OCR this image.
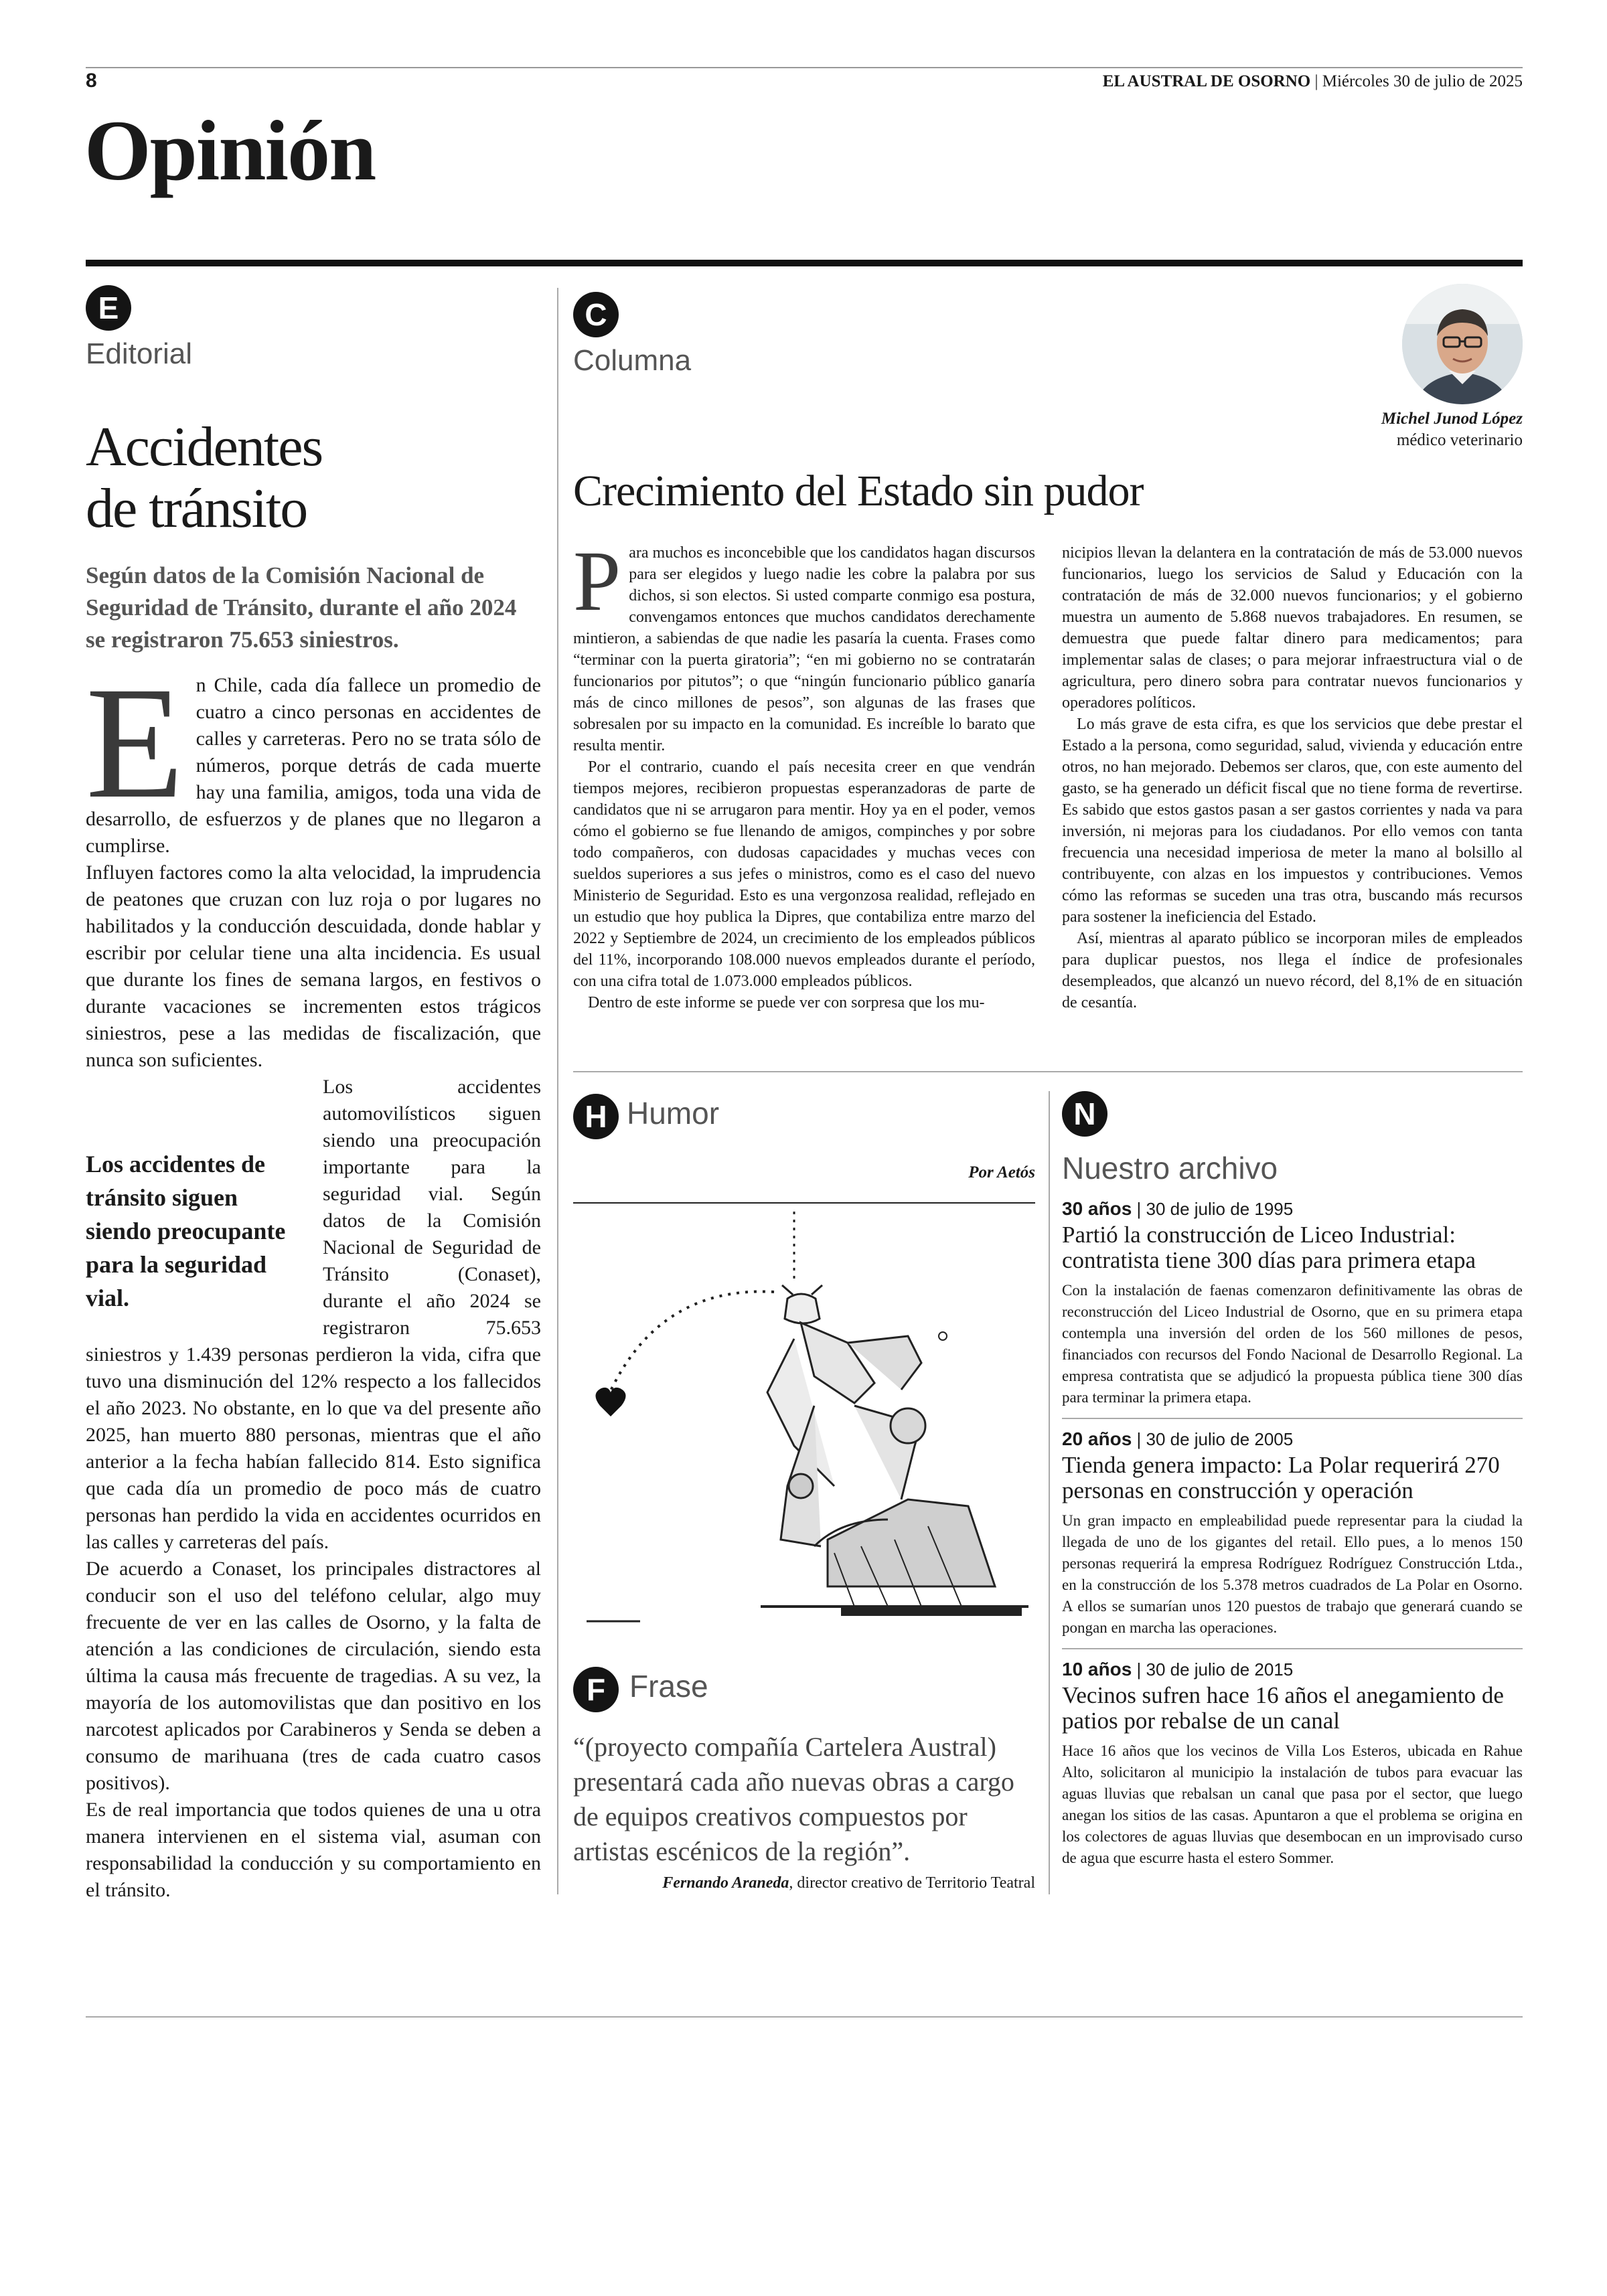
8	EL AUSTRAL DE OSORNO | Miércoles 30 de julio de 2025
Opinión
E
Editorial
Accidentes
de tránsito
Según datos de la Comisión Nacional de Seguridad de Tránsito, durante el año 2024 se registraron 75.653 siniestros.

En Chile, cada día fallece un promedio de cuatro a cinco personas en accidentes de calles y carreteras. Pero no se trata sólo de números, porque detrás de cada muerte hay una familia, amigos, toda una vida de desarrollo, de esfuerzos y de planes que no llegaron a cumplirse.

Influyen factores como la alta velocidad, la imprudencia de peatones que cruzan con luz roja o por lugares no habilitados y la conducción descuidada, donde hablar y escribir por celular tiene una alta incidencia. Es usual que durante los fines de semana largos, en festivos o durante vacaciones se incrementen estos trágicos siniestros, pese a las medidas de fiscalización, que nunca son suficientes.

Los accidentes de tránsito siguen siendo preocupante para la seguridad vial.
Los accidentes automovilísticos siguen siendo una preocupación importante para la seguridad vial. Según datos de la Comisión Nacional de Seguridad de Tránsito (Conaset), durante el año 2024 se registraron 75.653 siniestros y 1.439 personas perdieron la vida, cifra que tuvo una disminución del 12% respecto a los fallecidos el año 2023. No obstante, en lo que va del presente año 2025, han muerto 880 personas, mientras que el año anterior a la fecha habían fallecido 814. Esto significa que cada día un promedio de poco más de cuatro personas han perdido la vida en accidentes ocurridos en las calles y carreteras del país.

De acuerdo a Conaset, los principales distractores al conducir son el uso del teléfono celular, algo muy frecuente de ver en las calles de Osorno, y la falta de atención a las condiciones de circulación, siendo esta última la causa más frecuente de tragedias. A su vez, la mayoría de los automovilistas que dan positivo en los narcotest aplicados por Carabineros y Senda se deben a consumo de marihuana (tres de cada cuatro casos positivos).

Es de real importancia que todos quienes de una u otra manera intervienen en el sistema vial, asuman con responsabilidad la conducción y su comportamiento en el tránsito.

C
Columna
Michel Junod López
médico veterinario
Crecimiento del Estado sin pudor

Para muchos es inconcebible que los candidatos hagan discursos para ser elegidos y luego nadie les cobre la palabra por sus dichos, si son electos. Si usted comparte conmigo esa postura, convengamos entonces que muchos candidatos derechamente mintieron, a sabiendas de que nadie les pasaría la cuenta. Frases como “terminar con la puerta giratoria”; “en mi gobierno no se contratarán funcionarios por pitutos”; o que “ningún funcionario público ganaría más de cinco millones de pesos”, son algunas de las frases que sobresalen por su impacto en la comunidad. Es increíble lo barato que resulta mentir.

Por el contrario, cuando el país necesita creer en que vendrán tiempos mejores, recibieron propuestas esperanzadoras de parte de candidatos que ni se arrugaron para mentir. Hoy ya en el poder, vemos cómo el gobierno se fue llenando de amigos, compinches y por sobre todo compañeros, con dudosas capacidades y muchas veces con sueldos superiores a sus jefes o ministros, como es el caso del nuevo Ministerio de Seguridad. Esto es una vergonzosa realidad, reflejado en un estudio que hoy publica la Dipres, que contabiliza entre marzo del 2022 y Septiembre de 2024, un crecimiento de los empleados públicos del 11%, incorporando 108.000 nuevos empleados durante el período, con una cifra total de 1.073.000 empleados públicos.

Dentro de este informe se puede ver con sorpresa que los mu-

nicipios llevan la delantera en la contratación de más de 53.000 nuevos funcionarios, luego los servicios de Salud y Educación con la contratación de más de 32.000 nuevos funcionarios; y el gobierno muestra un aumento de 5.868 nuevos trabajadores. En resumen, se demuestra que puede faltar dinero para medicamentos; para implementar salas de clases; o para mejorar infraestructura vial o de agricultura, pero dinero sobra para contratar nuevos funcionarios y operadores políticos.

Lo más grave de esta cifra, es que los servicios que debe prestar el Estado a la persona, como seguridad, salud, vivienda y educación entre otros, no han mejorado. Debemos ser claros, que, con este aumento del gasto, se ha generado un déficit fiscal que no tiene forma de revertirse. Es sabido que estos gastos pasan a ser gastos corrientes y nada va para inversión, ni mejoras para los ciudadanos. Por ello vemos con tanta frecuencia una necesidad imperiosa de meter la mano al bolsillo al contribuyente, con alzas en los impuestos y contribuciones. Vemos cómo las reformas se suceden una tras otra, buscando más recursos para sostener la ineficiencia del Estado.

Así, mientras al aparato público se incorporan miles de empleados para duplicar puestos, nos llega el índice de profesionales desempleados, que alcanzó un nuevo récord, del 8,1% de en situación de cesantía.

H Humor
Por Aetós
F Frase
“(proyecto compañía Cartelera Austral) presentará cada año nuevas obras a cargo de equipos creativos compuestos por artistas escénicos de la región”.
Fernando Araneda, director creativo de Territorio Teatral
N
Nuestro archivo
30 años | 30 de julio de 1995
Partió la construcción de Liceo Industrial: contratista tiene 300 días para primera etapa
Con la instalación de faenas comenzaron definitivamente las obras de reconstrucción del Liceo Industrial de Osorno, que en su primera etapa contempla una inversión del orden de los 560 millones de pesos, financiados con recursos del Fondo Nacional de Desarrollo Regional. La empresa contratista que se adjudicó la propuesta pública tiene 300 días para terminar la primera etapa.
20 años | 30 de julio de 2005
Tienda genera impacto: La Polar requerirá 270 personas en construcción y operación
Un gran impacto en empleabilidad puede representar para la ciudad la llegada de uno de los gigantes del retail. Ello pues, a lo menos 150 personas requerirá la empresa Rodríguez Rodríguez Construcción Ltda., en la construcción de los 5.378 metros cuadrados de La Polar en Osorno. A ellos se sumarían unos 120 puestos de trabajo que generará cuando se pongan en marcha las operaciones.
10 años | 30 de julio de 2015
Vecinos sufren hace 16 años el anegamiento de patios por rebalse de un canal
Hace 16 años que los vecinos de Villa Los Esteros, ubicada en Rahue Alto, solicitaron al municipio la instalación de tubos para evacuar las aguas lluvias que rebalsan un canal que pasa por el sector, que luego anegan los sitios de las casas. Apuntaron a que el problema se origina en los colectores de aguas lluvias que desembocan en un improvisado curso de agua que escurre hasta el estero Sommer.
